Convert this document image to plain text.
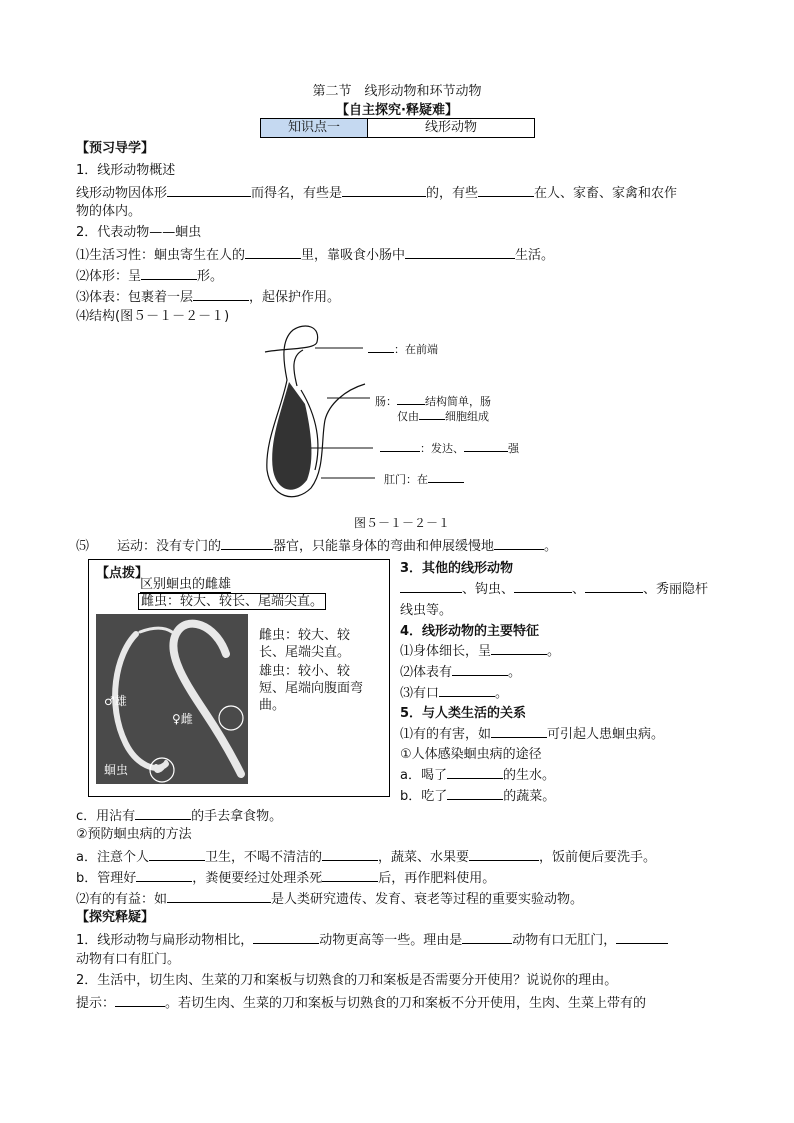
第二节　线形动物和环节动物
【自主探究·释疑难】
知识点一	线形动物
【预习导学】
1．线形动物概述
线形动物因体形	而得名，有些是	的，有些	在人、家畜、家禽和农作
物的体内。
2．代表动物——蛔虫
⑴生活习性：蛔虫寄生在人的	里，靠吸食小肠中	生活。
⑵体形：呈	形。
⑶体表：包裹着一层	，起保护作用。
⑷结构(图５－１－２－１)
：在前端
肠：	结构简单，肠
仅由 细胞组成
：发达、	强
肛门：在
图５－１－２－１
⑸ 运动：没有专门的	器官，只能靠身体的弯曲和伸展缓慢地	。
【点拨】
区别蛔虫的雌雄
雌虫：较大、较长、尾端尖直。
♂雄
♀雌
蛔虫
雌虫：较大、较
长、尾端尖直。
雄虫：较小、较
短、尾端向腹面弯
曲。
3．其他的线形动物
、钩虫、	、	、秀丽隐杆
线虫等。
4．线形动物的主要特征
⑴身体细长，呈	。
⑵体表有	。
⑶有口	。
5．与人类生活的关系
⑴有的有害，如	可引起人患蛔虫病。
①人体感染蛔虫病的途径
a．喝了	的生水。
b．吃了	的蔬菜。
c．用沾有	的手去拿食物。
②预防蛔虫病的方法
a．注意个人	卫生，不喝不清洁的	，蔬菜、水果要	，饭前便后要洗手。
b．管理好	，粪便要经过处理杀死	后，再作肥料使用。
⑵有的有益：如	是人类研究遗传、发育、衰老等过程的重要实验动物。
【探究释疑】
1．线形动物与扁形动物相比，	动物更高等一些。理由是	动物有口无肛门，
动物有口有肛门。
2．生活中，切生肉、生菜的刀和案板与切熟食的刀和案板是否需要分开使用？说说你的理由。
提示：	。若切生肉、生菜的刀和案板与切熟食的刀和案板不分开使用，生肉、生菜上带有的
